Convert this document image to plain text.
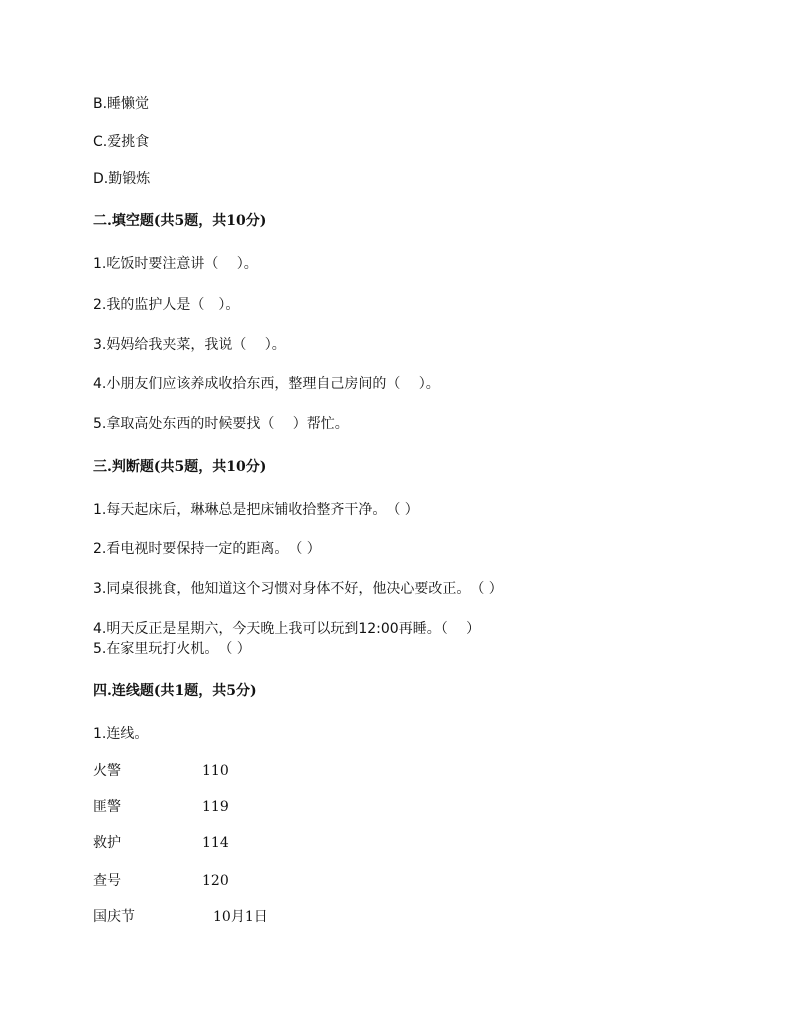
B.睡懒觉
C.爱挑食
D.勤锻炼
二.填空题(共5题，共10分)
1.吃饭时要注意讲（　 ）。
2.我的监护人是（　）。
3.妈妈给我夹菜，我说（　 ）。
4.小朋友们应该养成收拾东西，整理自己房间的（　 ）。
5.拿取高处东西的时候要找（　 ）帮忙。
三.判断题(共5题，共10分)
1.每天起床后，琳琳总是把床铺收拾整齐干净。　（ ）
2.看电视时要保持一定的距离。　（ ）
3.同桌很挑食，他知道这个习惯对身体不好，他决心要改正。　（ ）
4.明天反正是星期六，今天晚上我可以玩到12:00再睡。（　 ）
5.在家里玩打火机。　（ ）
四.连线题(共1题，共5分)
1.连线。
火警	110
匪警	119
救护	114
查号	120
国庆节	10月1日
